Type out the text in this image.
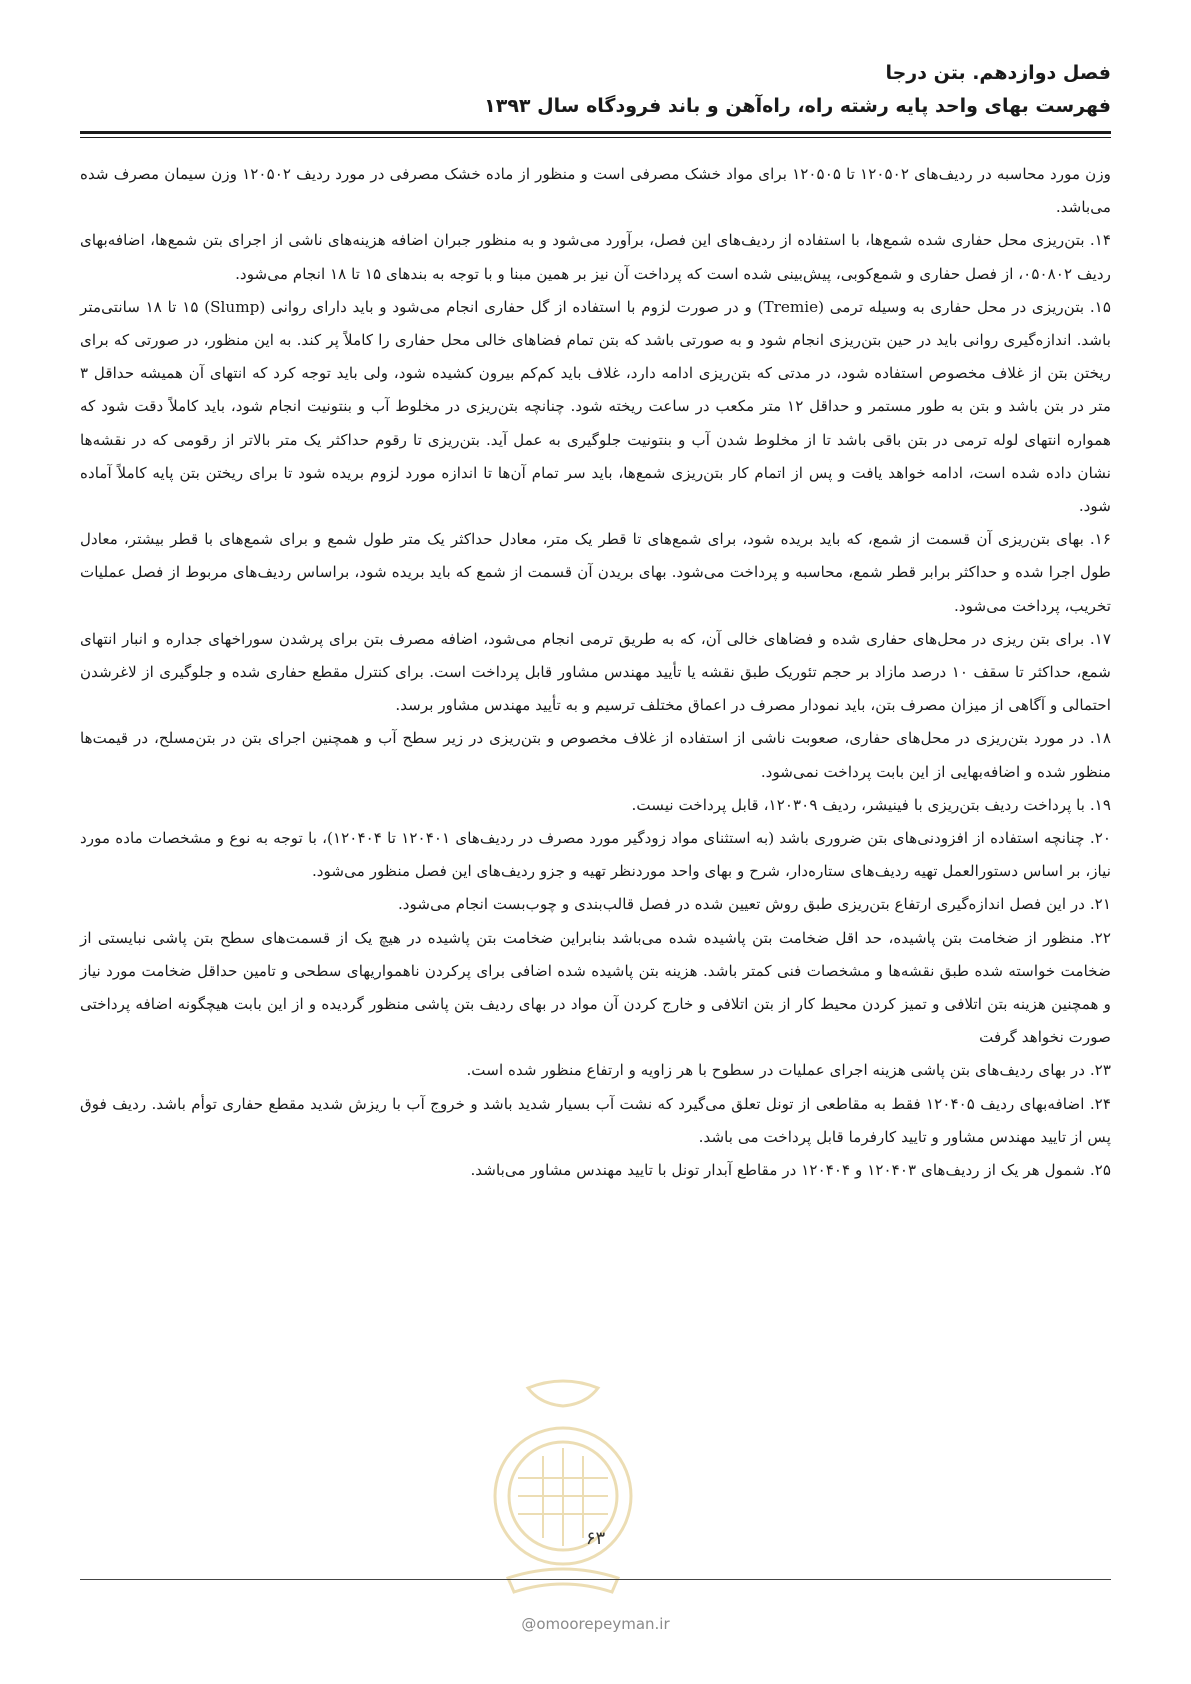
فصل دوازدهم. بتن درجا
فهرست بهای واحد پایه رشته راه، راه‌آهن و باند فرودگاه سال ۱۳۹۳

وزن مورد محاسبه در ردیف‌های ۱۲۰۵۰۲ تا ۱۲۰۵۰۵ برای مواد خشک مصرفی است و منظور از ماده خشک مصرفی در مورد ردیف ۱۲۰۵۰۲ وزن سیمان مصرف شده می‌باشد.

۱۴. بتن‌ریزی محل حفاری شده شمع‌ها، با استفاده از ردیف‌های این فصل، برآورد می‌شود و به منظور جبران اضافه هزینه‌های ناشی از اجرای بتن شمع‌ها، اضافه‌بهای ردیف ۰۵۰۸۰۲، از فصل حفاری و شمع‌کوبی، پیش‌بینی شده است که پرداخت آن نیز بر همین مبنا و با توجه به بندهای ۱۵ تا ۱۸ انجام می‌شود.

۱۵. بتن‌ریزی در محل حفاری به وسیله ترمی (Tremie) و در صورت لزوم با استفاده از گل حفاری انجام می‌شود و باید دارای روانی (Slump) ۱۵ تا ۱۸ سانتی‌متر باشد. اندازه‌گیری روانی باید در حین بتن‌ریزی انجام شود و به صورتی باشد که بتن تمام فضاهای خالی محل حفاری را کاملاً پر کند. به این منظور، در صورتی که برای ریختن بتن از غلاف مخصوص استفاده شود، در مدتی که بتن‌ریزی ادامه دارد، غلاف باید کم‌کم بیرون کشیده شود، ولی باید توجه کرد که انتهای آن همیشه حداقل ۳ متر در بتن باشد و بتن به طور مستمر و حداقل ۱۲ متر مکعب در ساعت ریخته شود. چنانچه بتن‌ریزی در مخلوط آب و بنتونیت انجام شود، باید کاملاً دقت شود که همواره انتهای لوله ترمی در بتن باقی باشد تا از مخلوط شدن آب و بنتونیت جلوگیری به عمل آید. بتن‌ریزی تا رقوم حداکثر یک متر بالاتر از رقومی که در نقشه‌ها نشان داده شده است، ادامه خواهد یافت و پس از اتمام کار بتن‌ریزی شمع‌ها، باید سر تمام آن‌ها تا اندازه مورد لزوم بریده شود تا برای ریختن بتن پایه کاملاً آماده شود.

۱۶. بهای بتن‌ریزی آن قسمت از شمع، که باید بریده شود، برای شمع‌های تا قطر یک متر، معادل حداکثر یک متر طول شمع و برای شمع‌های با قطر بیشتر، معادل طول اجرا شده و حداکثر برابر قطر شمع، محاسبه و پرداخت می‌شود. بهای بریدن آن قسمت از شمع که باید بریده شود، براساس ردیف‌های مربوط از فصل عملیات تخریب، پرداخت می‌شود.

۱۷. برای بتن ریزی در محل‌های حفاری شده و فضاهای خالی آن، که به طریق ترمی انجام می‌شود، اضافه مصرف بتن برای پرشدن سوراخهای جداره و انبار انتهای شمع، حداکثر تا سقف ۱۰ درصد مازاد بر حجم تئوریک طبق نقشه یا تأیید مهندس مشاور قابل پرداخت است. برای کنترل مقطع حفاری شده و جلوگیری از لاغرشدن احتمالی و آگاهی از میزان مصرف بتن، باید نمودار مصرف در اعماق مختلف ترسیم و به تأیید مهندس مشاور برسد.

۱۸. در مورد بتن‌ریزی در محل‌های حفاری، صعوبت ناشی از استفاده از غلاف مخصوص و بتن‌ریزی در زیر سطح آب و همچنین اجرای بتن در بتن‌مسلح، در قیمت‌ها منظور شده و اضافه‌بهایی از این بابت پرداخت نمی‌شود.

۱۹. با پرداخت ردیف بتن‌ریزی با فینیشر، ردیف ۱۲۰۳۰۹، قابل پرداخت نیست.

۲۰. چنانچه استفاده از افزودنی‌های بتن ضروری باشد (به استثنای مواد زودگیر مورد مصرف در ردیف‌های ۱۲۰۴۰۱ تا ۱۲۰۴۰۴)، با توجه به نوع و مشخصات ماده مورد نیاز، بر اساس دستورالعمل تهیه ردیف‌های ستاره‌دار، شرح و بهای واحد موردنظر تهیه و جزو ردیف‌های این فصل منظور می‌شود.

۲۱. در این فصل اندازه‌گیری ارتفاع بتن‌ریزی طبق روش تعیین شده در فصل قالب‌بندی و چوب‌بست انجام می‌شود.

۲۲. منظور از ضخامت بتن پاشیده، حد اقل ضخامت بتن پاشیده شده می‌باشد بنابراین ضخامت بتن پاشیده در هیچ یک از قسمت‌های سطح بتن پاشی نبایستی از ضخامت خواسته شده طبق نقشه‌ها و مشخصات فنی کمتر باشد. هزینه بتن پاشیده شده اضافی برای پرکردن ناهمواریهای سطحی و تامین حداقل ضخامت مورد نیاز و همچنین هزینه بتن اتلافی و تمیز کردن محیط کار از بتن اتلافی و خارج کردن آن مواد در بهای ردیف بتن پاشی منظور گردیده و از این بابت هیچگونه اضافه پرداختی صورت نخواهد گرفت

۲۳. در بهای ردیف‌های بتن پاشی هزینه اجرای عملیات در سطوح با هر زاویه و ارتفاع منظور شده است.

۲۴. اضافه‌بهای ردیف ۱۲۰۴۰۵ فقط به مقاطعی از تونل تعلق می‌گیرد که نشت آب بسیار شدید باشد و خروج آب با ریزش شدید مقطع حفاری توأم باشد. ردیف فوق پس از تایید مهندس مشاور و تایید کارفرما قابل پرداخت می باشد.

۲۵. شمول هر یک از ردیف‌های ۱۲۰۴۰۳ و ۱۲۰۴۰۴ در مقاطع آبدار تونل با تایید مهندس مشاور می‌باشد.

۶۳
@omoorepeyman.ir
